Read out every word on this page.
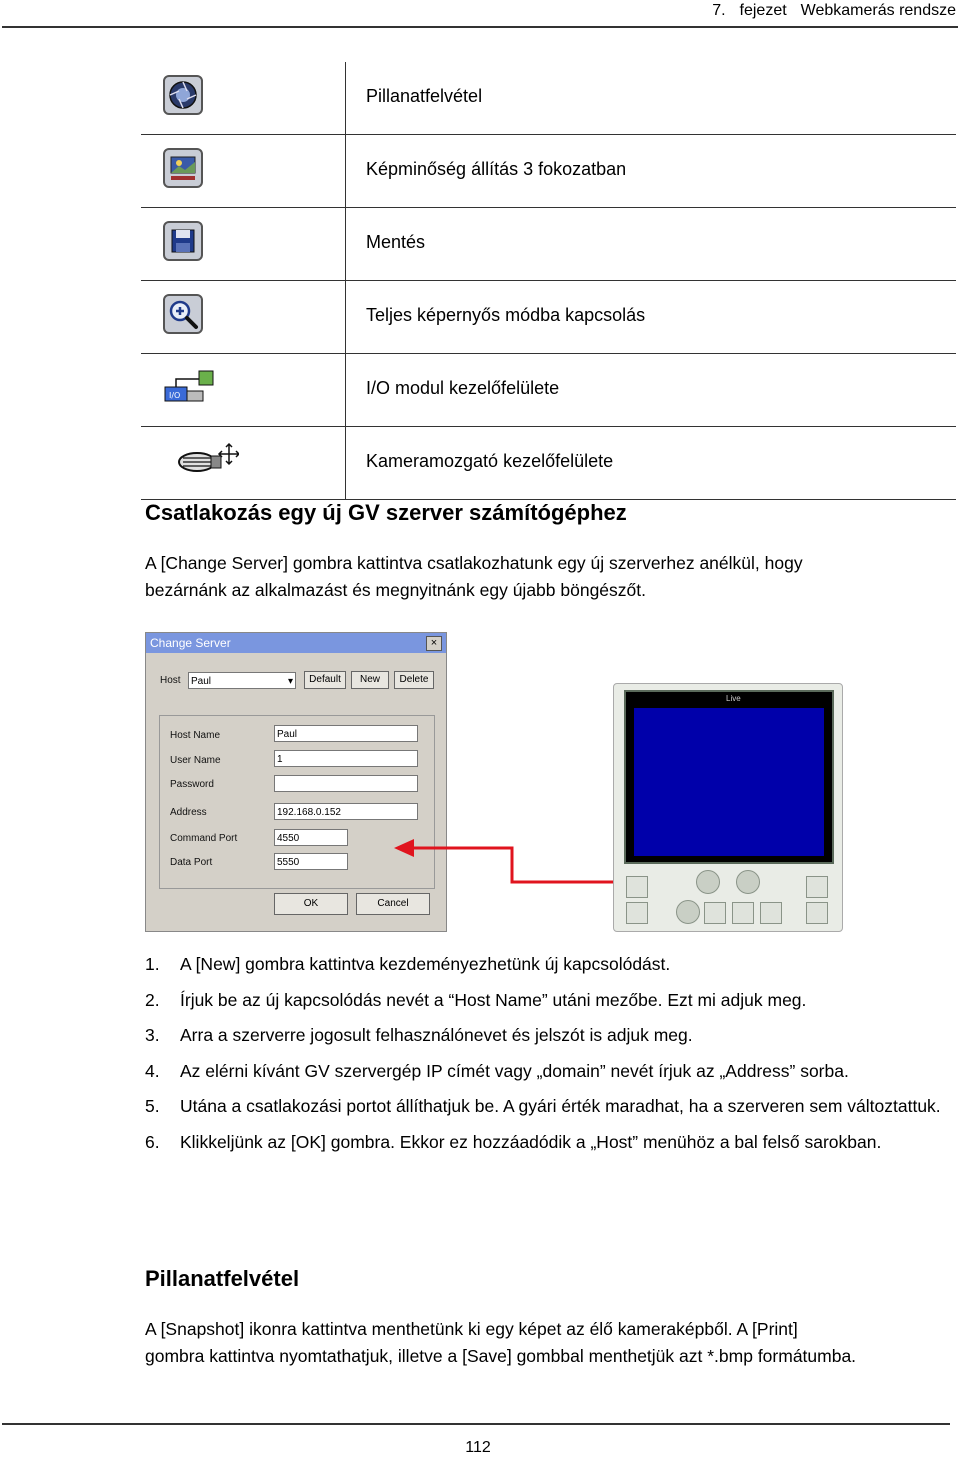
7. fejezet Webkamerás rendsze
Pillanatfelvétel
Képminőség állítás 3 fokozatban
Mentés
Teljes képernyős módba kapcsolás
I/O	I/O modul kezelőfelülete
Kameramozgató kezelőfelülete
Csatlakozás egy új GV szerver számítógéphez
A [Change Server] gombra kattintva csatlakozhatunk egy új szerverhez anélkül, hogy
bezárnánk az alkalmazást és megnyitnánk egy újabb böngészőt.
Change Server	×
Host	Paul	▾	Default	New	Delete
Host Name	Paul
User Name	1
Password
Address	192.168.0.152
Command Port	4550
Data Port	5550
OK	Cancel
Live
1. A [New] gombra kattintva kezdeményezhetünk új kapcsolódást.
2. Írjuk be az új kapcsolódás nevét a “Host Name” utáni mezőbe. Ezt mi adjuk meg.
3. Arra a szerverre jogosult felhasználónevet és jelszót is adjuk meg.
4. Az elérni kívánt GV szervergép IP címét vagy „domain” nevét írjuk az „Address” sorba.
5. Utána a csatlakozási portot állíthatjuk be. A gyári érték maradhat, ha a szerveren sem változtattuk.
6. Klikkeljünk az [OK] gombra. Ekkor ez hozzáadódik a „Host” menühöz a bal felső sarokban.
Pillanatfelvétel
A [Snapshot] ikonra kattintva menthetünk ki egy képet az élő kameraképből. A [Print]
gombra kattintva nyomtathatjuk, illetve a [Save] gombbal menthetjük azt *.bmp formátumba.
112
